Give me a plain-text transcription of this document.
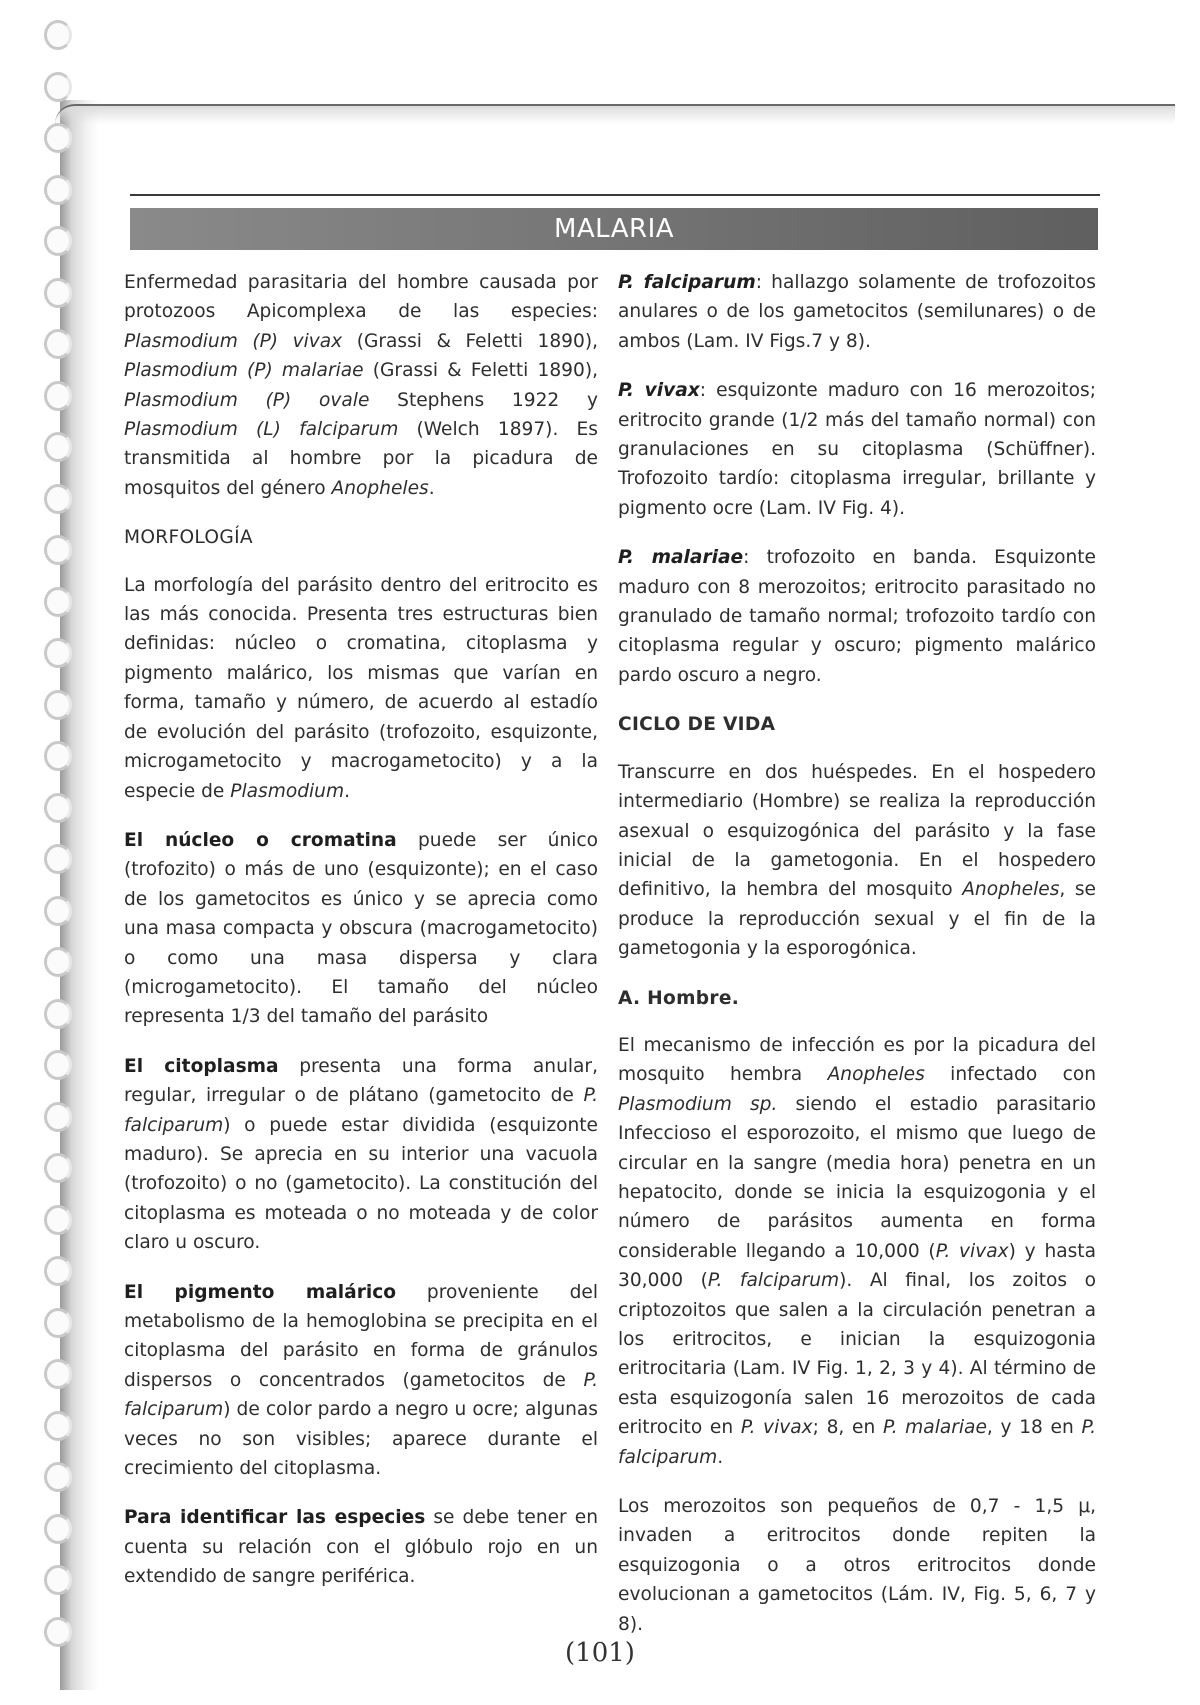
MALARIA

Enfermedad parasitaria del hombre causada por protozoos Apicomplexa de las especies: Plasmodium (P) vivax (Grassi & Feletti 1890), Plasmodium (P) malariae (Grassi & Feletti 1890), Plasmodium (P) ovale Stephens 1922 y Plasmodium (L) falciparum (Welch 1897). Es transmitida al hombre por la picadura de mosquitos del género Anopheles.

MORFOLOGÍA

La morfología del parásito dentro del eritrocito es las más conocida. Presenta tres estructuras bien definidas: núcleo o cromatina, citoplasma y pigmento malárico, los mismas que varían en forma, tamaño y número, de acuerdo al estadío de evolución del parásito (trofozoito, esquizonte, microgametocito y macrogametocito) y a la especie de Plasmodium.

El núcleo o cromatina puede ser único (trofozito) o más de uno (esquizonte); en el caso de los gametocitos es único y se aprecia como una masa compacta y obscura (macrogametocito) o como una masa dispersa y clara (microgametocito). El tamaño del núcleo representa 1/3 del tamaño del parásito

El citoplasma presenta una forma anular, regular, irregular o de plátano (gametocito de P. falciparum) o puede estar dividida (esquizonte maduro). Se aprecia en su interior una vacuola (trofozoito) o no (gametocito). La constitución del citoplasma es moteada o no moteada y de color claro u oscuro.

El pigmento malárico proveniente del metabolismo de la hemoglobina se precipita en el citoplasma del parásito en forma de gránulos dispersos o concentrados (gametocitos de P. falciparum) de color pardo a negro u ocre; algunas veces no son visibles; aparece durante el crecimiento del citoplasma.

Para identificar las especies se debe tener en cuenta su relación con el glóbulo rojo en un extendido de sangre periférica.

P. falciparum: hallazgo solamente de trofozoitos anulares o de los gametocitos (semilunares) o de ambos (Lam. IV Figs.7 y 8).

P. vivax: esquizonte maduro con 16 merozoitos; eritrocito grande (1/2 más del tamaño normal) con granulaciones en su citoplasma (Schüffner). Trofozoito tardío: citoplasma irregular, brillante y pigmento ocre (Lam. IV Fig. 4).

P. malariae: trofozoito en banda. Esquizonte maduro con 8 merozoitos; eritrocito parasitado no granulado de tamaño normal; trofozoito tardío con citoplasma regular y oscuro; pigmento malárico pardo oscuro a negro.

CICLO DE VIDA

Transcurre en dos huéspedes. En el hospedero intermediario (Hombre) se realiza la reproducción asexual o esquizogónica del parásito y la fase inicial de la gametogonia. En el hospedero definitivo, la hembra del mosquito Anopheles, se produce la reproducción sexual y el fin de la gametogonia y la esporogónica.

A. Hombre.

El mecanismo de infección es por la picadura del mosquito hembra Anopheles infectado con Plasmodium sp. siendo el estadio parasitario Infeccioso el esporozoito, el mismo que luego de circular en la sangre (media hora) penetra en un hepatocito, donde se inicia la esquizogonia y el número de parásitos aumenta en forma considerable llegando a 10,000 (P. vivax) y hasta 30,000 (P. falciparum). Al final, los zoitos o criptozoitos que salen a la circulación penetran a los eritrocitos, e inician la esquizogonia eritrocitaria (Lam. IV Fig. 1, 2, 3 y 4). Al término de esta esquizogonía salen 16 merozoitos de cada eritrocito en P. vivax; 8, en P. malariae, y 18 en P. falciparum.

Los merozoitos son pequeños de 0,7 - 1,5 μ, invaden a eritrocitos donde repiten la esquizogonia o a otros eritrocitos donde evolucionan a gametocitos (Lám. IV, Fig. 5, 6, 7 y 8).

(101)
